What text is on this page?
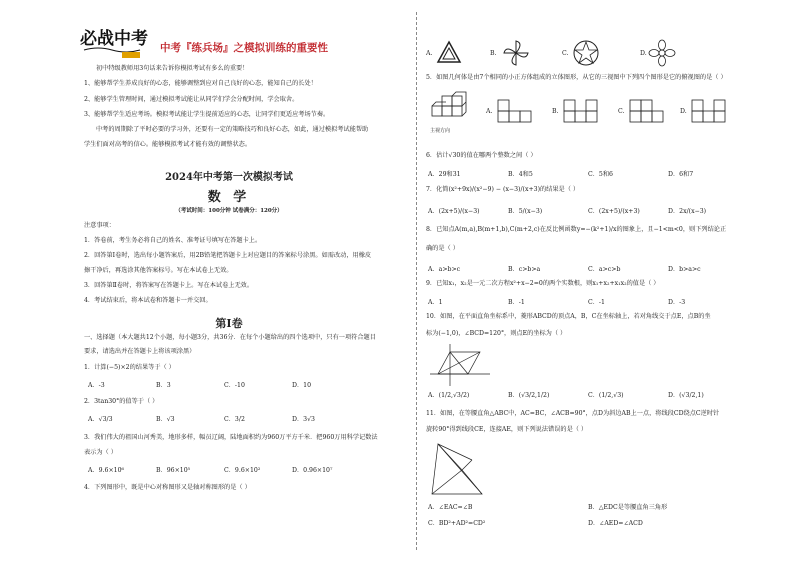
必战中考 中考『练兵场』之模拟训练的重要性
初中特级教师用3句话来告诉你模拟考试有多么的重要！
1、能够帮学生养成良好的心态，能够调整到应对自己良好的心态，能知自己的长处！
2、能够学生管理时间，通过模拟考试能让从同学们学会分配时间，学会取舍。
3、能够帮学生适应考场。模拟考试能让学生提前适应的心态，让同学们更适应考场节奏。
中考的周期除了平时必要的学习外，还要有一定的策略技巧和良好心态，如此，通过模拟考试能帮助
学生们面对高考的信心。能够模拟考试才能有效的调整状态。
2024年中考第一次模拟考试
数 学
（考试时间：100分钟 试卷满分：120分）
注意事项：
1．答卷前，考生务必将自己的姓名、准考证号填写在答题卡上。
2．回答第Ⅰ卷时，选出每小题答案后，用2B铅笔把答题卡上对应题目的答案标号涂黑。如需改动，用橡皮
擦干净后，再选涂其他答案标号。写在本试卷上无效。
3．回答第Ⅱ卷时，将答案写在答题卡上。写在本试卷上无效。
4．考试结束后，将本试卷和答题卡一并交回。
第Ⅰ卷
一、选择题（本大题共12个小题，每小题3分，共36分．在每个小题给出的四个选项中，只有一项符合题目
要求，请选出并在答题卡上将该项涂黑）
1．计算(−5)×2的结果等于（ ）
A．-3	B．3	C．-10	D．10
2．3tan30°的值等于（ ）
A．√3/3	B．√3	C．3/2	D．3√3
3．我们伟大的祖国山河秀美，地形多样，幅员辽阔，陆地面积约为960万平方千米．把960万用科学记数法
表示为（ ）
A．9.6×10⁶	B．96×10⁵	C．9.6×10²	D．0.96×10⁷
4．下列图形中，既是中心对称图形又是轴对称图形的是（ ）
A.	B.	C.	D.
5．如图几何体是由7个相同的小正方体组成的立体图形，从它的三视图中下列四个图形是它的俯视图的是（ ）
主视方向
A.	B.	C.	D.
6．估计√30的值在哪两个整数之间（ ）
A．29和31	B．4和5	C．5和6	D．6和7
7．化简(x²+9x)/(x²−9) − (x−3)/(x+3)的结果是（ ）
A．(2x+5)/(x−3)	B．5/(x−3)	C．(2x+5)/(x+3)	D．2x/(x−3)
8．已知点A(m,a),B(m+1,b),C(m+2,c)在反比例函数y=−(k²+1)/x的图象上，且−1<m<0，则下列结论正
确的是（ ）
A．a>b>c	B．c>b>a	C．a>c>b	D．b>a>c
9．已知x₁，x₂是一元二次方程x²+x−2=0的两个实数根，则x₁+x₂+x₁x₂的值是（ ）
A．1	B．-1	C．-1	D．-3
10．如图，在平面直角坐标系中，菱形ABCD的顶点A，B，C在坐标轴上，若对角线交于点E，点B的坐
标为(−1,0)，∠BCD=120°，则点E的坐标为（ ）
A．(1/2,√3/2)	B．(√3/2,1/2)	C．(1/2,√3)	D．(√3/2,1)
11．如图，在等腰直角△ABC中，AC=BC，∠ACB=90°，点D为斜边AB上一点，将线段CD绕点C逆时针
旋转90°得到线段CE，连接AE，则下列说法错误的是（ ）
A．∠EAC=∠B	B．△EDC是等腰直角三角形
C．BD²+AD²=CD²	D．∠AED=∠ACD
